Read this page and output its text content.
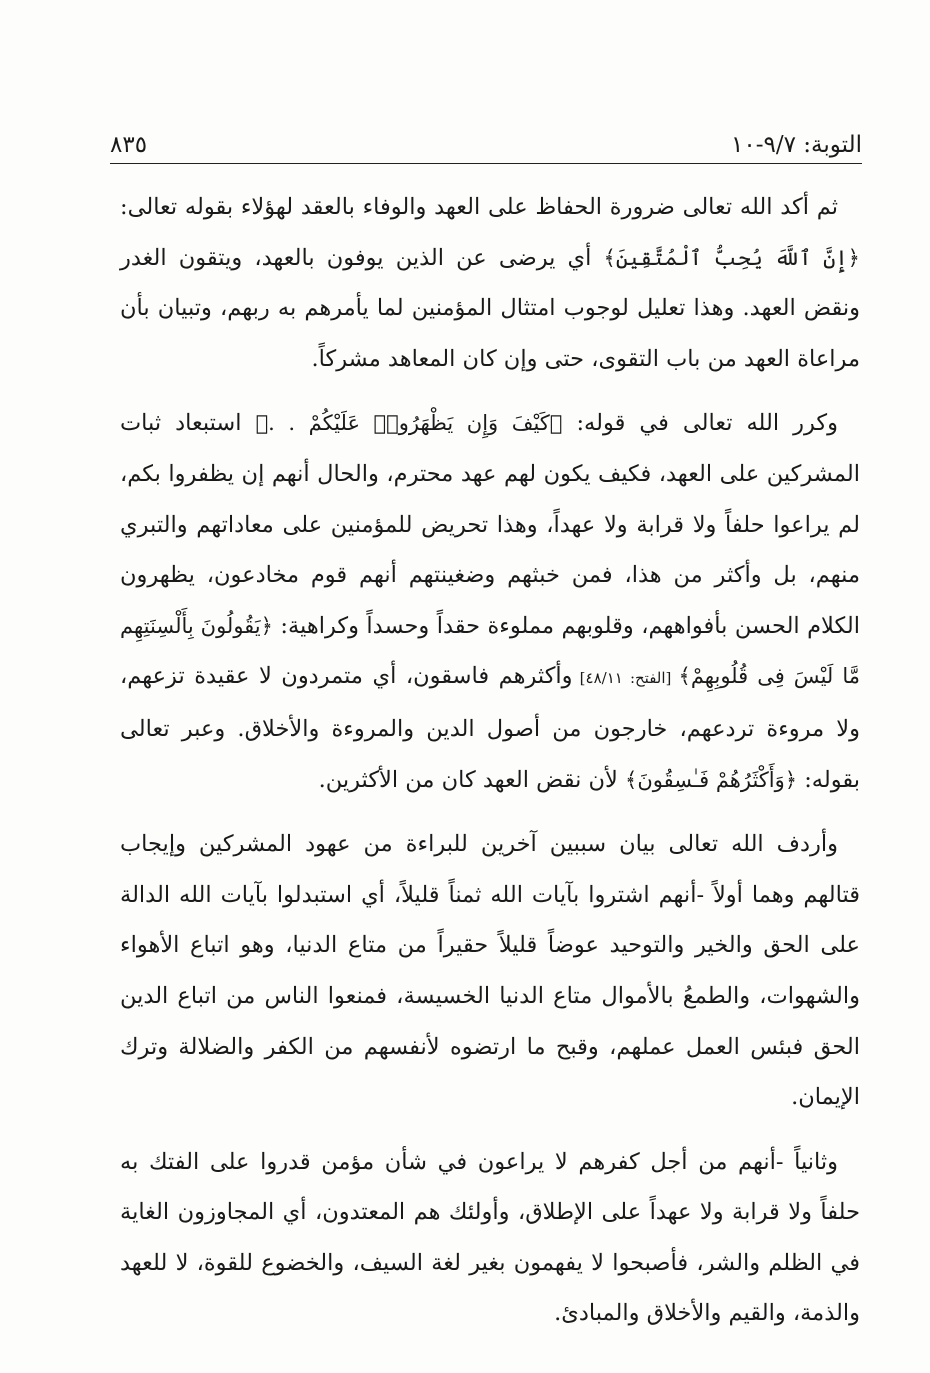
التوبة: ٩/٧-١٠
٨٣٥

ثم أكد الله تعالى ضرورة الحفاظ على العهد والوفاء بالعقد لهؤلاء بقوله تعالى: ﴿إِنَّ ٱللَّهَ يُحِبُّ ٱلْمُتَّقِينَ﴾ أي يرضى عن الذين يوفون بالعهد، ويتقون الغدر ونقض العهد. وهذا تعليل لوجوب امتثال المؤمنين لما يأمرهم به ربهم، وتبيان بأن مراعاة العهد من باب التقوى، حتى وإن كان المعاهد مشركاً.

وكرر الله تعالى في قوله: ﴿كَيْفَ وَإِن يَظْهَرُوا۟ عَلَيْكُمْ . .﴾ استبعاد ثبات المشركين على العهد، فكيف يكون لهم عهد محترم، والحال أنهم إن يظفروا بكم، لم يراعوا حلفاً ولا قرابة ولا عهداً، وهذا تحريض للمؤمنين على معاداتهم والتبري منهم، بل وأكثر من هذا، فمن خبثهم وضغينتهم أنهم قوم مخادعون، يظهرون الكلام الحسن بأفواههم، وقلوبهم مملوءة حقداً وحسداً وكراهية: ﴿يَقُولُونَ بِأَلْسِنَتِهِم مَّا لَيْسَ فِى قُلُوبِهِمْ﴾ [الفتح: ٤٨/١١] وأكثرهم فاسقون، أي متمردون لا عقيدة تزعهم، ولا مروءة تردعهم، خارجون من أصول الدين والمروءة والأخلاق. وعبر تعالى بقوله: ﴿وَأَكْثَرُهُمْ فَـٰسِقُونَ﴾ لأن نقض العهد كان من الأكثرين.

وأردف الله تعالى بيان سببين آخرين للبراءة من عهود المشركين وإيجاب قتالهم وهما أولاً -أنهم اشتروا بآيات الله ثمناً قليلاً، أي استبدلوا بآيات الله الدالة على الحق والخير والتوحيد عوضاً قليلاً حقيراً من متاع الدنيا، وهو اتباع الأهواء والشهوات، والطمعُ بالأموال متاع الدنيا الخسيسة، فمنعوا الناس من اتباع الدين الحق فبئس العمل عملهم، وقبح ما ارتضوه لأنفسهم من الكفر والضلالة وترك الإيمان.

وثانياً -أنهم من أجل كفرهم لا يراعون في شأن مؤمن قدروا على الفتك به حلفاً ولا قرابة ولا عهداً على الإطلاق، وأولئك هم المعتدون، أي المجاوزون الغاية في الظلم والشر، فأصبحوا لا يفهمون بغير لغة السيف، والخضوع للقوة، لا للعهد والذمة، والقيم والأخلاق والمبادئ.
